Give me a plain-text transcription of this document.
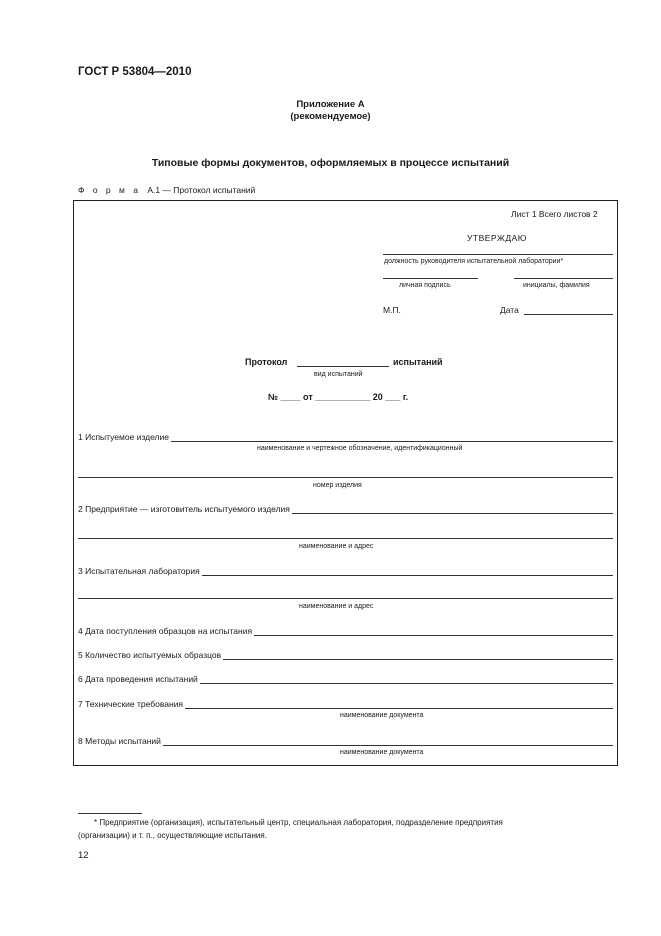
ГОСТ Р 53804—2010
Приложение А
(рекомендуемое)
Типовые формы документов, оформляемых в процессе испытаний
Ф о р м а А.1 — Протокол испытаний
Лист 1 Всего листов 2
УТВЕРЖДАЮ
должность руководителя испытательной лаборатории*
личная подпись	инициалы, фамилия
М.П.	Дата
Протокол	испытаний
вид испытаний
№ ____ от ___________ 20 ___ г.
1 Испытуемое изделие
наименование и чертежное обозначение, идентификационный
номер изделия
2 Предприятие — изготовитель испытуемого изделия
наименование и адрес
3 Испытательная лаборатория
наименование и адрес
4 Дата поступления образцов на испытания
5 Количество испытуемых образцов
6 Дата проведения испытаний
7 Технические требования
наименование документа
8 Методы испытаний
наименование документа
* Предприятие (организация), испытательный центр, специальная лаборатория, подразделение предприятия
(организации) и т. п., осуществляющие испытания.
12
